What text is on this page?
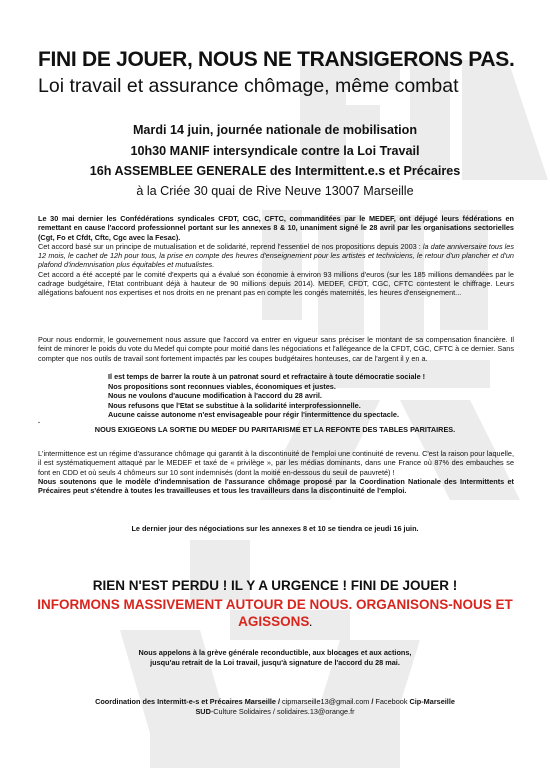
FINI DE JOUER, NOUS NE TRANSIGERONS PAS.
Loi travail et assurance chômage, même combat
Mardi 14 juin, journée nationale de mobilisation
10h30 MANIF intersyndicale contre la Loi Travail
16h ASSEMBLEE GENERALE des Intermittent.e.s et Précaires
à la Criée 30 quai de Rive Neuve 13007 Marseille
Le 30 mai dernier les Confédérations syndicales CFDT, CGC, CFTC, commanditées par le MEDEF, ont déjugé leurs fédérations en remettant en cause l'accord professionnel portant sur les annexes 8 & 10, unaniment signé le 28 avril par les organisations sectorielles (Cgt, Fo et Cfdt, Cftc, Cgc avec la Fesac).
Cet accord basé sur un principe de mutualisation et de solidarité, reprend l'essentiel de nos propositions depuis 2003 : la date anniversaire tous les 12 mois, le cachet de 12h pour tous, la prise en compte des heures d'enseignement pour les artistes et techniciens, le retour d'un plancher et d'un plafond d'indemnisation plus équitables et mutualistes.
Cet accord a été accepté par le comité d'experts qui a évalué son économie à environ 93 millions d'euros (sur les 185 millions demandées par le cadrage budgétaire, l'Etat contribuant déjà à hauteur de 90 millions depuis 2014). MEDEF, CFDT, CGC, CFTC contestent le chiffrage. Leurs allégations bafouent nos expertises et nos droits en ne prenant pas en compte les congés maternités, les heures d'enseignement...
Pour nous endormir, le gouvernement nous assure que l'accord va entrer en vigueur sans préciser le montant de sa compensation financière. Il feint de minorer le poids du vote du Medef qui compte pour moitié dans les négociations et l'allégeance de la CFDT, CGC, CFTC à ce dernier. Sans compter que nos outils de travail sont fortement impactés par les coupes budgétaires honteuses, car de l'argent il y en a.
Il est temps de barrer la route à un patronat sourd et refractaire à toute démocratie sociale !
Nos propositions sont reconnues viables, économiques et justes.
Nous ne voulons d'aucune modification à l'accord du 28 avril.
Nous refusons que l'Etat se substitue à la solidarité interprofessionnelle.
Aucune caisse autonome n'est envisageable pour régir l'intermittence du spectacle.
.
NOUS EXIGEONS LA SORTIE DU MEDEF DU PARITARISME ET LA REFONTE DES TABLES PARITAIRES.
L'intermittence est un régime d'assurance chômage qui garantit à la discontinuité de l'emploi une continuité de revenu. C'est la raison pour laquelle, il est systématiquement attaqué par le MEDEF et taxé de « privilège », par les médias dominants, dans une France où 87% des embauches se font en CDD et où seuls 4 chômeurs sur 10 sont indemnisés (dont la moitié en-dessous du seuil de pauvreté) !
Nous soutenons que le modèle d'indemnisation de l'assurance chômage proposé par la Coordination Nationale des Intermittents et Précaires peut s'étendre à toutes les travailleuses et tous les travailleurs dans la discontinuité de l'emploi.
Le dernier jour des négociations sur les annexes 8 et 10 se tiendra ce jeudi 16 juin.
RIEN N'EST PERDU ! IL Y A URGENCE ! FINI DE JOUER !
INFORMONS MASSIVEMENT AUTOUR DE NOUS. ORGANISONS-NOUS ET
AGISSONS.
Nous appelons à la grève générale reconductible, aux blocages et aux actions,
jusqu'au retrait de la Loi travail, jusqu'à signature de l'accord du 28 mai.
Coordination des Intermitt-e-s et Précaires Marseille / cipmarseille13@gmail.com / Facebook Cip-Marseille
SUD-Culture Solidaires / solidaires.13@orange.fr
